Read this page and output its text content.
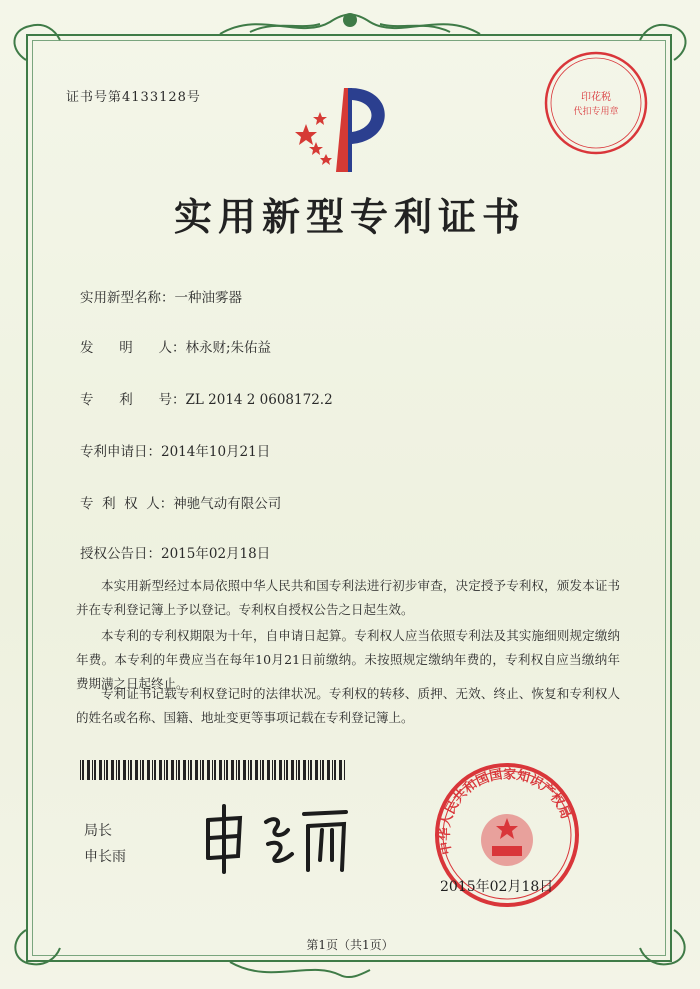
证书号第4133128号	印花税
代扣专用章
实用新型专利证书
实用新型名称：一种油雾器
发      明      人：林永财;朱佑益
专      利      号：ZL 2014 2 0608172.2
专利申请日：2014年10月21日
专  利  权  人：神驰气动有限公司
授权公告日：2015年02月18日
本实用新型经过本局依照中华人民共和国专利法进行初步审查，决定授予专利权，颁发本证书并在专利登记簿上予以登记。专利权自授权公告之日起生效。
本专利的专利权期限为十年，自申请日起算。专利权人应当依照专利法及其实施细则规定缴纳年费。本专利的年费应当在每年10月21日前缴纳。未按照规定缴纳年费的，专利权自应当缴纳年费期满之日起终止。
专利证书记载专利权登记时的法律状况。专利权的转移、质押、无效、终止、恢复和专利权人的姓名或名称、国籍、地址变更等事项记载在专利登记簿上。
局长
申长雨
中华人民共和国国家知识产权局
2015年02月18日
第1页（共1页）
